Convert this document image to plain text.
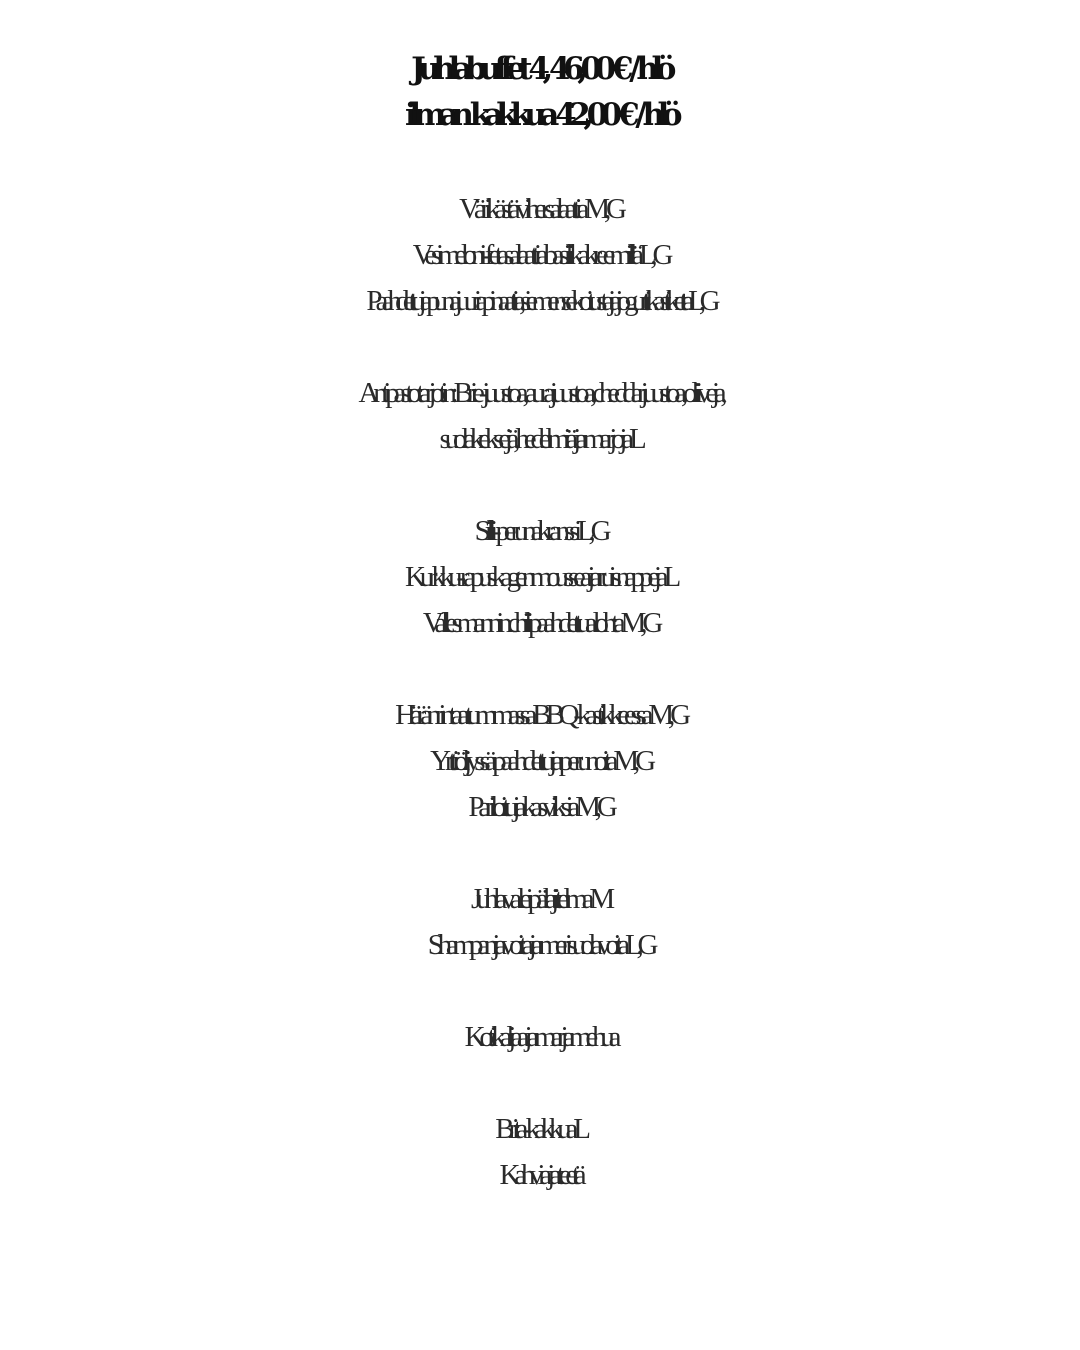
Juhlabuffet 4, 46,00 € / hlö
ilman kakkua 42,00 € / hlö
Värikästä vihersalaattia M, G
Vesimeloni-fetasalaattia basilikakreemillä L, G
Paahdettuja punajuuria pinaattia, siemensekoitusta ja jogurttikastiketta L, G
Antipasto tarjotin: Brie-juustoa, aurajuustoa, cheddarjuustoa, oliiveja,
suolakeksejä, hedelmiä ja marjoja L
Silli-perunakranssi L, G
Kurkku-rapuskagenmoussea ja ruisnappeja L
Vallesmannin chilipaahdettua lohta M, G
Häränrintaa tummassa BBQ-kastikkeessa M, G
Yrttiöljyssä paahdettuja perunoita M, G
Pariloituja kasviksia M, G
Juhlava leipälajitelma M
Shampanjavoita ja merisuolavoita L,G
Kotikaljaa ja marjamehua
Brita-kakkua L
Kahvia ja teetä
